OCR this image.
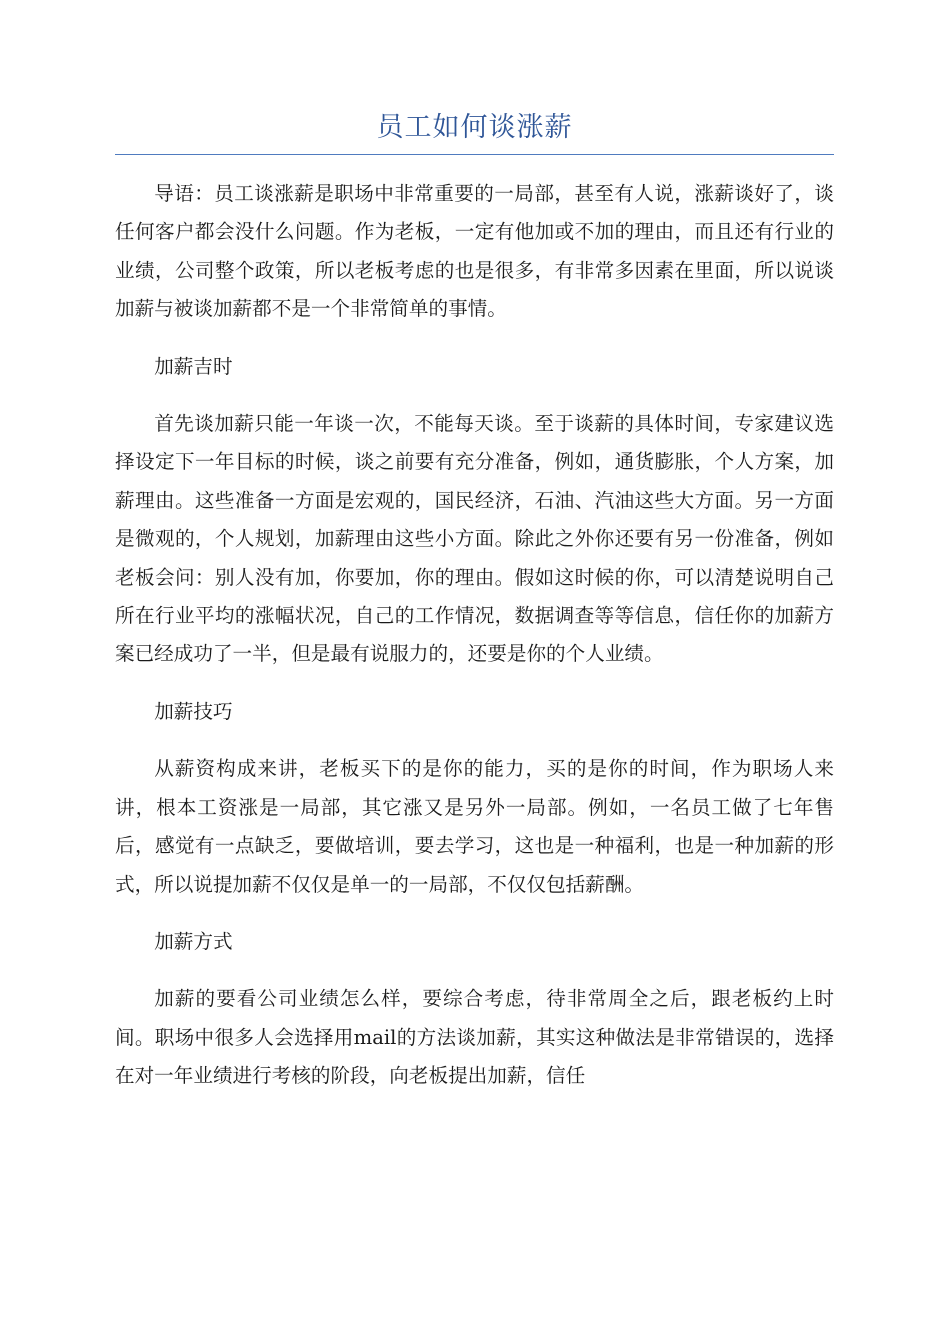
员工如何谈涨薪

导语：员工谈涨薪是职场中非常重要的一局部，甚至有人说，涨薪谈好了，谈任何客户都会没什么问题。作为老板，一定有他加或不加的理由，而且还有行业的业绩，公司整个政策，所以老板考虑的也是很多，有非常多因素在里面，所以说谈加薪与被谈加薪都不是一个非常简单的事情。

加薪吉时

首先谈加薪只能一年谈一次，不能每天谈。至于谈薪的具体时间，专家建议选择设定下一年目标的时候，谈之前要有充分准备，例如，通货膨胀，个人方案，加薪理由。这些准备一方面是宏观的，国民经济，石油、汽油这些大方面。另一方面是微观的，个人规划，加薪理由这些小方面。除此之外你还要有另一份准备，例如老板会问：别人没有加，你要加，你的理由。假如这时候的你，可以清楚说明自己所在行业平均的涨幅状况，自己的工作情况，数据调查等等信息，信任你的加薪方案已经成功了一半，但是最有说服力的，还要是你的个人业绩。

加薪技巧

从薪资构成来讲，老板买下的是你的能力，买的是你的时间，作为职场人来讲，根本工资涨是一局部，其它涨又是另外一局部。例如，一名员工做了七年售后，感觉有一点缺乏，要做培训，要去学习，这也是一种福利，也是一种加薪的形式，所以说提加薪不仅仅是单一的一局部，不仅仅包括薪酬。

加薪方式

加薪的要看公司业绩怎么样，要综合考虑，待非常周全之后，跟老板约上时间。职场中很多人会选择用mail的方法谈加薪，其实这种做法是非常错误的，选择在对一年业绩进行考核的阶段，向老板提出加薪，信任
